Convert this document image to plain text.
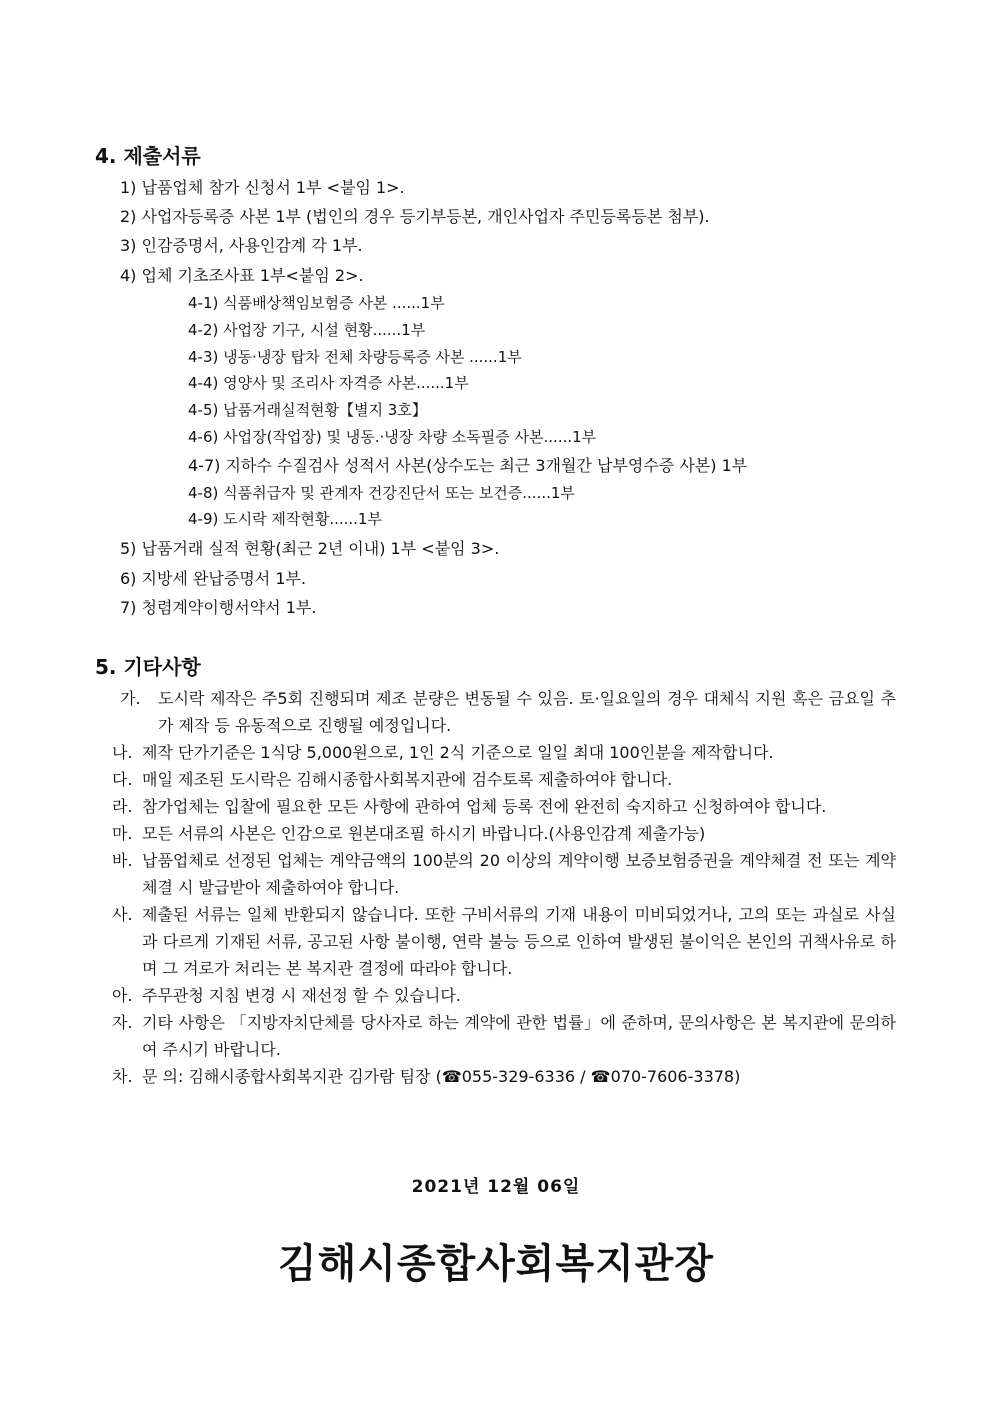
4. 제출서류
1) 납품업체 참가 신청서 1부 <붙임 1>.
2) 사업자등록증 사본 1부 (법인의 경우 등기부등본, 개인사업자 주민등록등본 첨부).
3) 인감증명서, 사용인감계 각 1부.
4) 업체 기초조사표 1부<붙임 2>.
4-1) 식품배상책임보험증 사본 ......1부
4-2) 사업장 기구, 시설 현황......1부
4-3) 냉동·냉장 탑차 전체 차량등록증 사본 ......1부
4-4) 영양사 및 조리사 자격증 사본......1부
4-5) 납품거래실적현황【별지 3호】
4-6) 사업장(작업장) 및 냉동.·냉장 차량 소독필증 사본......1부
4-7) 지하수 수질검사 성적서 사본(상수도는 최근 3개월간 납부영수증 사본) 1부
4-8) 식품취급자 및 관계자 건강진단서 또는 보건증......1부
4-9) 도시락 제작현황......1부
5) 납품거래 실적 현황(최근 2년 이내) 1부 <붙임 3>.
6) 지방세 완납증명서 1부.
7) 청렴계약이행서약서 1부.
5. 기타사항
가.	도시락 제작은 주5회 진행되며 제조 분량은 변동될 수 있음. 토·일요일의 경우 대체식 지원 혹은 금요일 추가 제작 등 유동적으로 진행될 예정입니다.
나. 제작 단가기준은 1식당 5,000원으로, 1인 2식 기준으로 일일 최대 100인분을 제작합니다.
다. 매일 제조된 도시락은 김해시종합사회복지관에 검수토록 제출하여야 합니다.
라. 참가업체는 입찰에 필요한 모든 사항에 관하여 업체 등록 전에 완전히 숙지하고 신청하여야 합니다.
마. 모든 서류의 사본은 인감으로 원본대조필 하시기 바랍니다.(사용인감계 제출가능)
바. 납품업체로 선정된 업체는 계약금액의 100분의 20 이상의 계약이행 보증보험증권을 계약체결 전 또는 계약 체결 시 발급받아 제출하여야 합니다.
사. 제출된 서류는 일체 반환되지 않습니다. 또한 구비서류의 기재 내용이 미비되었거나, 고의 또는 과실로 사실과 다르게 기재된 서류, 공고된 사항 불이행, 연락 불능 등으로 인하여 발생된 불이익은 본인의 귀책사유로 하며 그 겨로가 처리는 본 복지관 결정에 따라야 합니다.
아. 주무관청 지침 변경 시 재선정 할 수 있습니다.
자. 기타 사항은 「지방자치단체를 당사자로 하는 계약에 관한 법률」에 준하며, 문의사항은 본 복지관에 문의하여 주시기 바랍니다.
차. 문 의: 김해시종합사회복지관 김가람 팀장 (☎055-329-6336 / ☎070-7606-3378)
2021년 12월 06일
김해시종합사회복지관장
